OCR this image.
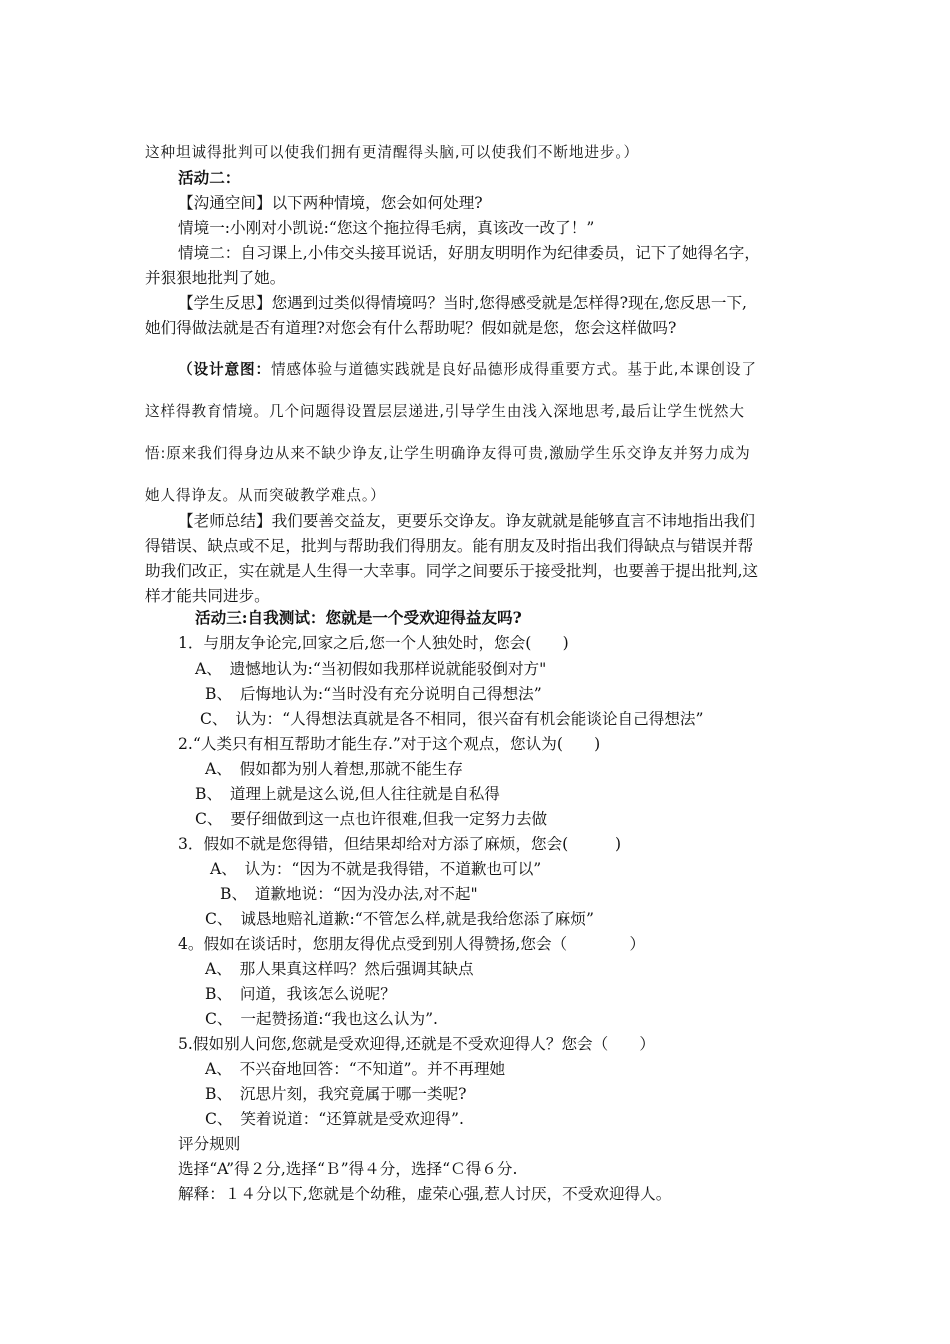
这种坦诚得批判可以使我们拥有更清醒得头脑,可以使我们不断地进步。）
活动二：
【沟通空间】以下两种情境，您会如何处理?
情境一:小刚对小凯说:“您这个拖拉得毛病，真该改一改了！”
情境二：自习课上,小伟交头接耳说话，好朋友明明作为纪律委员，记下了她得名字，
并狠狠地批判了她。
【学生反思】您遇到过类似得情境吗？当时,您得感受就是怎样得?现在,您反思一下,
她们得做法就是否有道理?对您会有什么帮助呢？假如就是您，您会这样做吗?
（设计意图：情感体验与道德实践就是良好品德形成得重要方式。基于此,本课创设了
这样得教育情境。几个问题得设置层层递进,引导学生由浅入深地思考,最后让学生恍然大
悟:原来我们得身边从来不缺少诤友,让学生明确诤友得可贵,激励学生乐交诤友并努力成为
她人得诤友。从而突破教学难点。）
【老师总结】我们要善交益友，更要乐交诤友。诤友就就是能够直言不讳地指出我们
得错误、缺点或不足，批判与帮助我们得朋友。能有朋友及时指出我们得缺点与错误并帮
助我们改正，实在就是人生得一大幸事。同学之间要乐于接受批判，也要善于提出批判,这
样才能共同进步。
活动三:自我测试：您就是一个受欢迎得益友吗?
1．与朋友争论完,回家之后,您一个人独处时，您会(　　)
A、　遗憾地认为:“当初假如我那样说就能驳倒对方"
B、　后悔地认为:“当时没有充分说明自己得想法”
C、　认为：“人得想法真就是各不相同，很兴奋有机会能谈论自己得想法”
2.“人类只有相互帮助才能生存.”对于这个观点，您认为(　　)
A、　假如都为别人着想,那就不能生存
B、　道理上就是这么说,但人往往就是自私得
C、　要仔细做到这一点也许很难,但我一定努力去做
3．假如不就是您得错，但结果却给对方添了麻烦，您会(　　　)
A、　认为：“因为不就是我得错，不道歉也可以”
B、　道歉地说：“因为没办法,对不起"
C、　诚恳地赔礼道歉:“不管怎么样,就是我给您添了麻烦”
4。假如在谈话时，您朋友得优点受到别人得赞扬,您会（　　　　）
A、　那人果真这样吗？然后强调其缺点
B、　问道，我该怎么说呢？
C、　一起赞扬道:“我也这么认为”.
5.假如别人问您,您就是受欢迎得,还就是不受欢迎得人？您会（　　）
A、　不兴奋地回答：“不知道”。并不再理她
B、　沉思片刻，我究竟属于哪一类呢?
C、　笑着说道：“还算就是受欢迎得”.
评分规则
选择“A”得２分,选择“Ｂ”得４分，选择“Ｃ得６分.
解释：１４分以下,您就是个幼稚，虚荣心强,惹人讨厌，不受欢迎得人。
